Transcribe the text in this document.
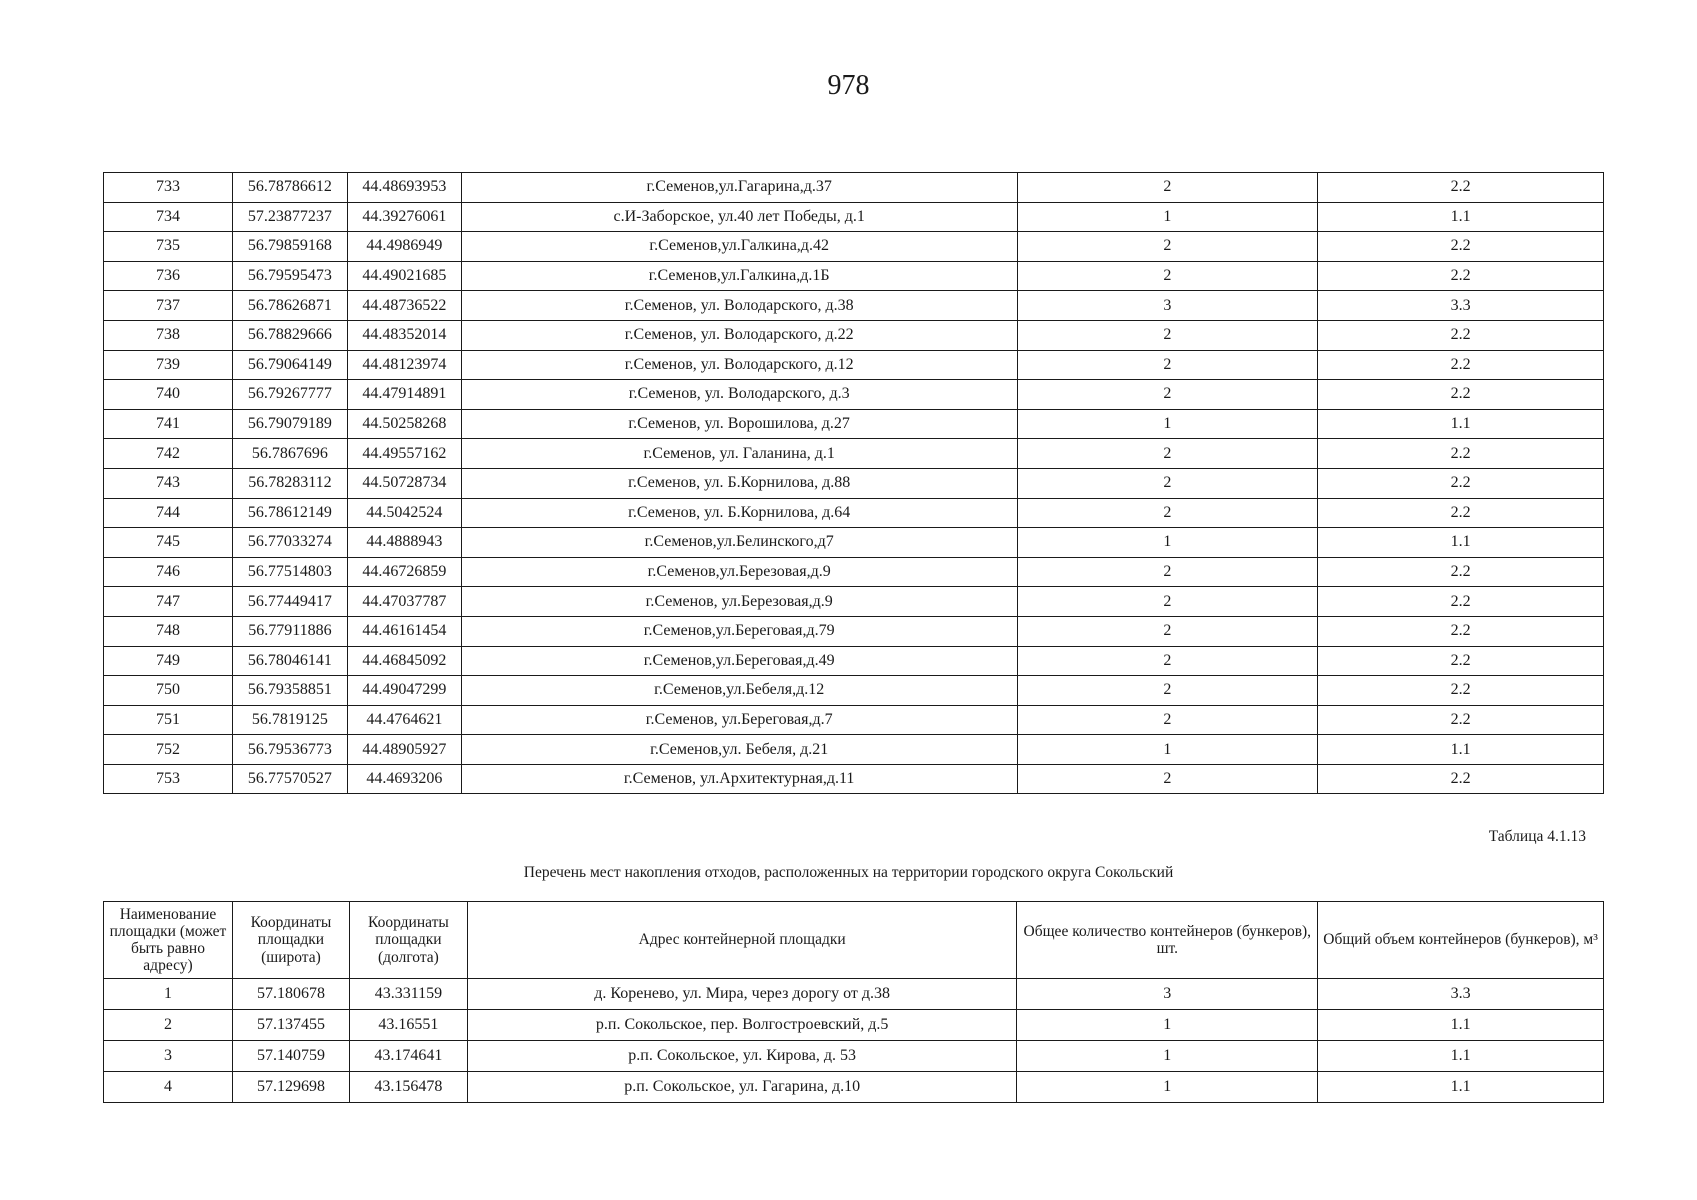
978
733	56.78786612	44.48693953	г.Семенов,ул.Гагарина,д.37	2	2.2
734	57.23877237	44.39276061	с.И-Заборское, ул.40 лет Победы, д.1	1	1.1
735	56.79859168	44.4986949	г.Семенов,ул.Галкина,д.42	2	2.2
736	56.79595473	44.49021685	г.Семенов,ул.Галкина,д.1Б	2	2.2
737	56.78626871	44.48736522	г.Семенов, ул. Володарского, д.38	3	3.3
738	56.78829666	44.48352014	г.Семенов, ул. Володарского, д.22	2	2.2
739	56.79064149	44.48123974	г.Семенов, ул. Володарского, д.12	2	2.2
740	56.79267777	44.47914891	г.Семенов, ул. Володарского, д.3	2	2.2
741	56.79079189	44.50258268	г.Семенов, ул. Ворошилова, д.27	1	1.1
742	56.7867696	44.49557162	г.Семенов, ул. Галанина, д.1	2	2.2
743	56.78283112	44.50728734	г.Семенов, ул. Б.Корнилова, д.88	2	2.2
744	56.78612149	44.5042524	г.Семенов, ул. Б.Корнилова, д.64	2	2.2
745	56.77033274	44.4888943	г.Семенов,ул.Белинского,д7	1	1.1
746	56.77514803	44.46726859	г.Семенов,ул.Березовая,д.9	2	2.2
747	56.77449417	44.47037787	г.Семенов, ул.Березовая,д.9	2	2.2
748	56.77911886	44.46161454	г.Семенов,ул.Береговая,д.79	2	2.2
749	56.78046141	44.46845092	г.Семенов,ул.Береговая,д.49	2	2.2
750	56.79358851	44.49047299	г.Семенов,ул.Бебеля,д.12	2	2.2
751	56.7819125	44.4764621	г.Семенов, ул.Береговая,д.7	2	2.2
752	56.79536773	44.48905927	г.Семенов,ул. Бебеля, д.21	1	1.1
753	56.77570527	44.4693206	г.Семенов, ул.Архитектурная,д.11	2	2.2
Таблица 4.1.13
Перечень мест накопления отходов, расположенных на территории городского округа Сокольский
Наименование площадки (может быть равно адресу)	Координаты площадки (широта)	Координаты площадки (долгота)	Адрес контейнерной площадки	Общее количество контейнеров (бункеров), шт.	Общий объем контейнеров (бункеров), м³
1	57.180678	43.331159	д. Коренево, ул. Мира, через дорогу от д.38	3	3.3
2	57.137455	43.16551	р.п. Сокольское, пер. Волгостроевский, д.5	1	1.1
3	57.140759	43.174641	р.п. Сокольское, ул. Кирова, д. 53	1	1.1
4	57.129698	43.156478	р.п. Сокольское, ул. Гагарина, д.10	1	1.1
